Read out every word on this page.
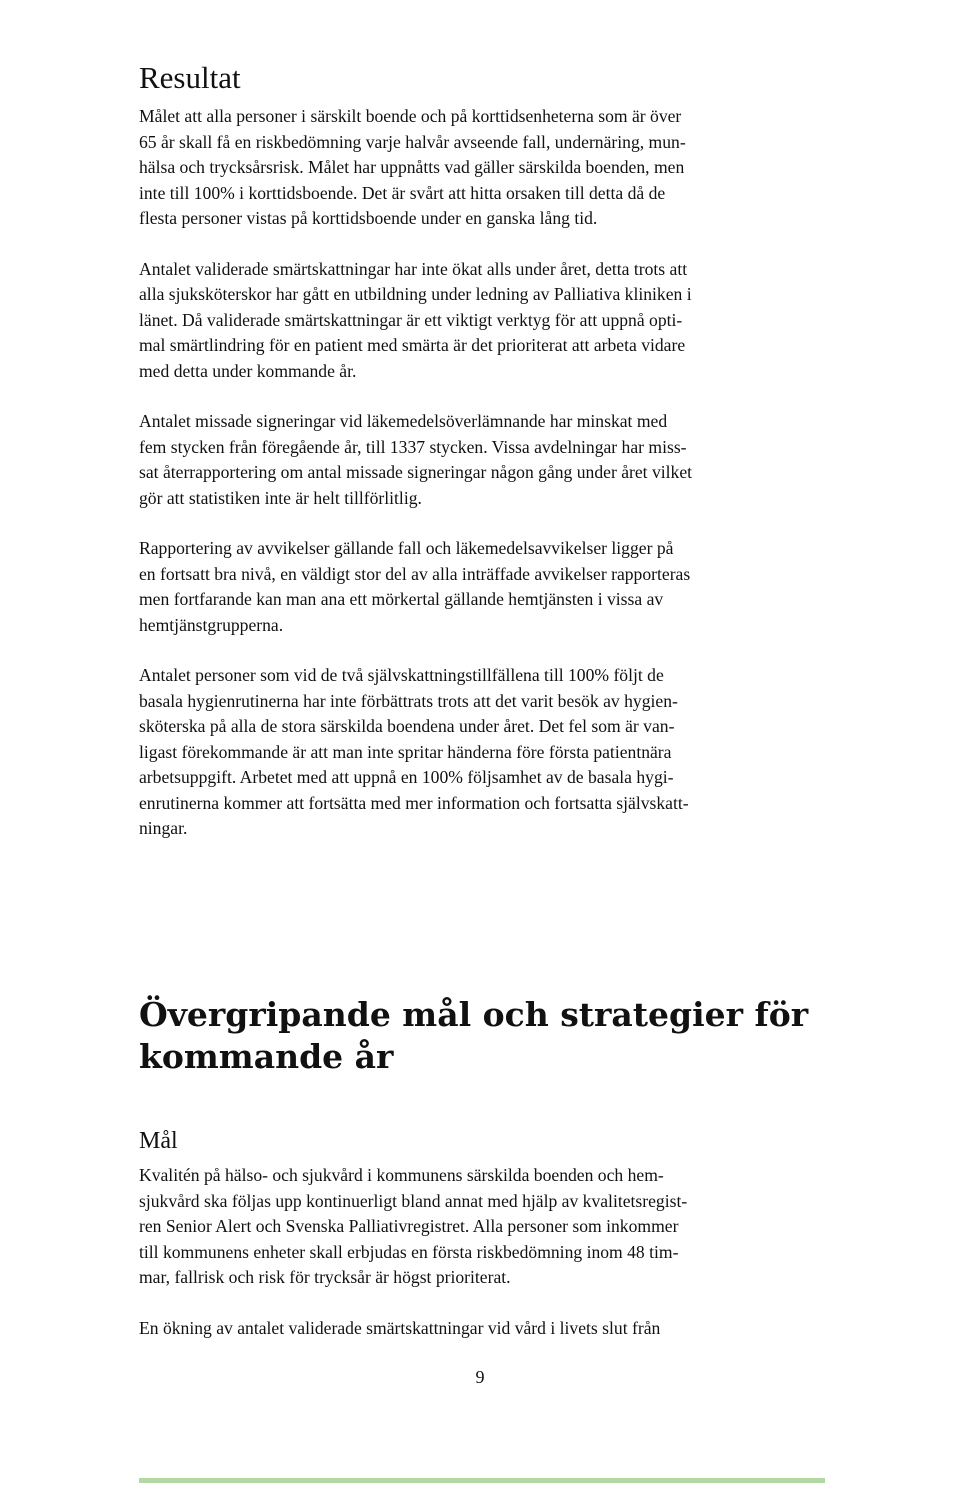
Resultat
Målet att alla personer i särskilt boende och på korttidsenheterna som är över
65 år skall få en riskbedömning varje halvår avseende fall, undernäring, mun-
hälsa och trycksårsrisk. Målet har uppnåtts vad gäller särskilda boenden, men
inte till 100% i korttidsboende. Det är svårt att hitta orsaken till detta då de
flesta personer vistas på korttidsboende under en ganska lång tid.
Antalet validerade smärtskattningar har inte ökat alls under året, detta trots att
alla sjuksköterskor har gått en utbildning under ledning av Palliativa kliniken i
länet. Då validerade smärtskattningar är ett viktigt verktyg för att uppnå opti-
mal smärtlindring för en patient med smärta är det prioriterat att arbeta vidare
med detta under kommande år.
Antalet missade signeringar vid läkemedelsöverlämnande har minskat med
fem stycken från föregående år, till 1337 stycken. Vissa avdelningar har miss-
sat återrapportering om antal missade signeringar någon gång under året vilket
gör att statistiken inte är helt tillförlitlig.
Rapportering av avvikelser gällande fall och läkemedelsavvikelser ligger på
en fortsatt bra nivå, en väldigt stor del av alla inträffade avvikelser rapporteras
men fortfarande kan man ana ett mörkertal gällande hemtjänsten i vissa av
hemtjänstgrupperna.
Antalet personer som vid de två självskattningstillfällena till 100% följt de
basala hygienrutinerna har inte förbättrats trots att det varit besök av hygien-
sköterska på alla de stora särskilda boendena under året. Det fel som är van-
ligast förekommande är att man inte spritar händerna före första patientnära
arbetsuppgift. Arbetet med att uppnå en 100% följsamhet av de basala hygi-
enrutinerna kommer att fortsätta med mer information och fortsatta självskatt-
ningar.
Övergripande mål och strategier för
kommande år
Mål
Kvalitén på hälso- och sjukvård i kommunens särskilda boenden och hem-
sjukvård ska följas upp kontinuerligt bland annat med hjälp av kvalitetsregist-
ren Senior Alert och Svenska Palliativregistret. Alla personer som inkommer
till kommunens enheter skall erbjudas en första riskbedömning inom 48 tim-
mar, fallrisk och risk för trycksår är högst prioriterat.
En ökning av antalet validerade smärtskattningar vid vård i livets slut från
9
